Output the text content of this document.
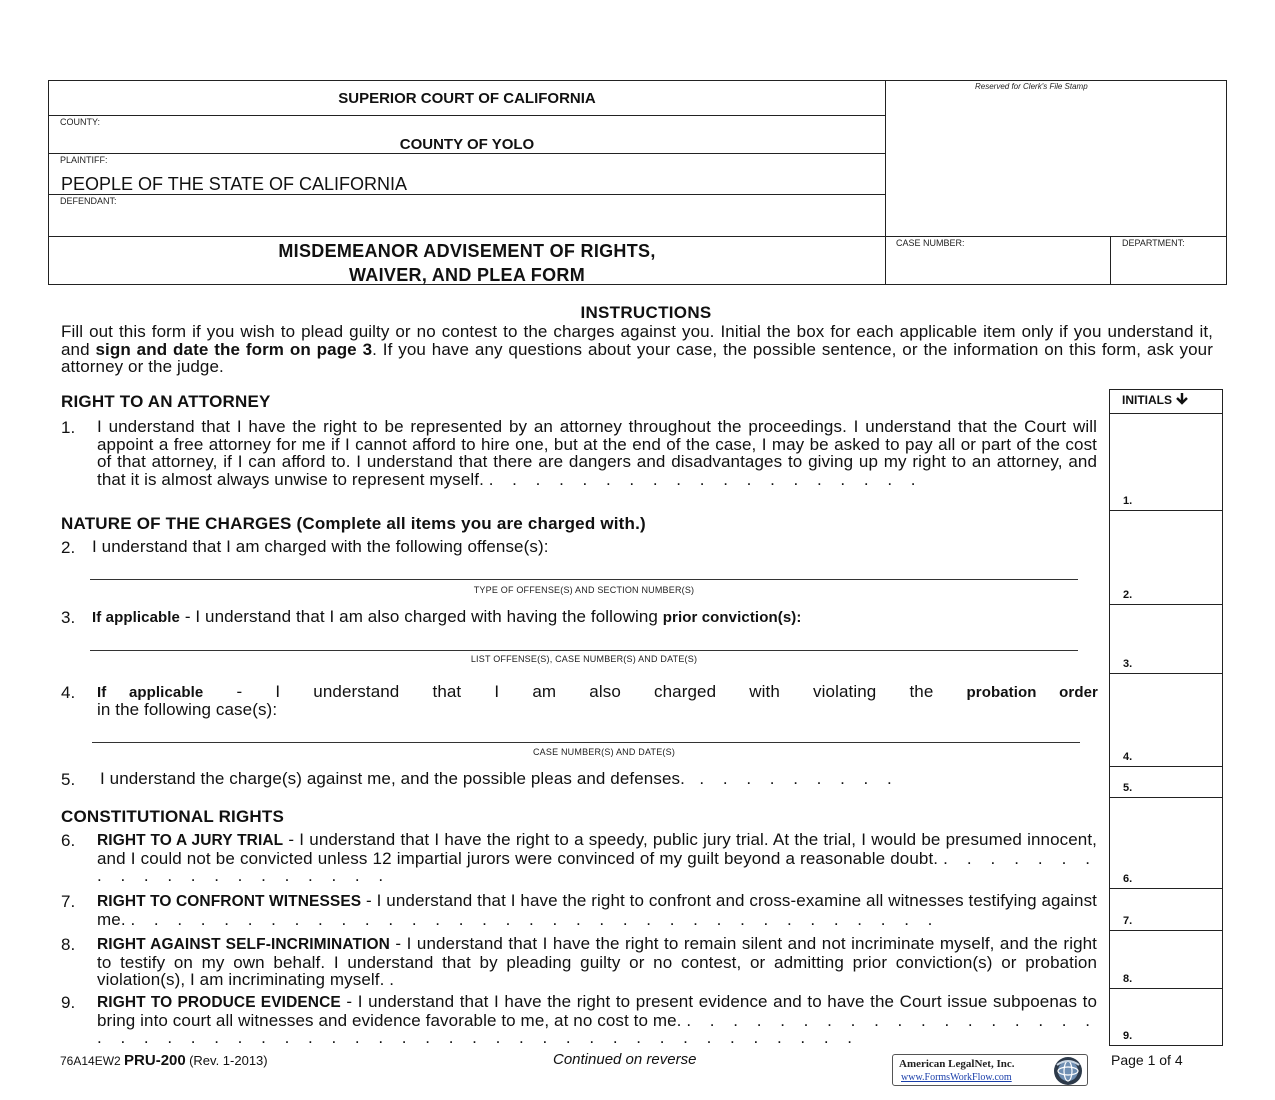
SUPERIOR COURT OF CALIFORNIA
Reserved for Clerk's File Stamp
COUNTY:
COUNTY OF YOLO
PLAINTIFF:
PEOPLE OF THE STATE OF CALIFORNIA
DEFENDANT:
MISDEMEANOR ADVISEMENT OF RIGHTS,
WAIVER, AND PLEA FORM
CASE NUMBER:	DEPARTMENT:
INSTRUCTIONS
Fill out this form if you wish to plead guilty or no contest to the charges against you. Initial the box for each applicable item only if you understand it, and sign and date the form on page 3. If you have any questions about your case, the possible sentence, or the information on this form, ask your attorney or the judge.
INITIALS
1.
2.
3.
4.
5.
6.
7.
8.
9.
RIGHT TO AN ATTORNEY
1. I understand that I have the right to be represented by an attorney throughout the proceedings. I understand that the Court will appoint a free attorney for me if I cannot afford to hire one, but at the end of the case, I may be asked to pay all or part of the cost of that attorney, if I can afford to. I understand that there are dangers and disadvantages to giving up my right to an attorney, and that it is almost always unwise to represent myself. . . . . . . . . . . . . . . . . . . .
NATURE OF THE CHARGES (Complete all items you are charged with.)
2. I understand that I am charged with the following offense(s):
TYPE OF OFFENSE(S) AND SECTION NUMBER(S)
3. If applicable - I understand that I am also charged with having the following prior conviction(s):
LIST OFFENSE(S), CASE NUMBER(S) AND DATE(S)
4. If applicable - I understand that I am also charged with violating the probation order
in the following case(s):
CASE NUMBER(S) AND DATE(S)
5. I understand the charge(s) against me, and the possible pleas and defenses. . . . . . . . . .
CONSTITUTIONAL RIGHTS
6. RIGHT TO A JURY TRIAL - I understand that I have the right to a speedy, public jury trial. At the trial, I would be presumed innocent, and I could not be convicted unless 12 impartial jurors were convinced of my guilt beyond a reasonable doubt. . . . . . . . . . . . . . . . . . . . .
7. RIGHT TO CONFRONT WITNESSES - I understand that I have the right to confront and cross-examine all witnesses testifying against me. . . . . . . . . . . . . . . . . . . . . . . . . . . . . . . . . . . .
8. RIGHT AGAINST SELF-INCRIMINATION - I understand that I have the right to remain silent and not incriminate myself, and the right to testify on my own behalf. I understand that by pleading guilty or no contest, or admitting prior conviction(s) or probation violation(s), I am incriminating myself. .
9. RIGHT TO PRODUCE EVIDENCE - I understand that I have the right to present evidence and to have the Court issue subpoenas to bring into court all witnesses and evidence favorable to me, at no cost to me. . . . . . . . . . . . . . . . . . . . . . . . . . . . . . . . . . . . . . . . . . . . . . . . . . . .
76A14EW2 PRU-200 (Rev. 1-2013)	Continued on reverse	American LegalNet, Inc.
www.FormsWorkFlow.com
Page 1 of 4
